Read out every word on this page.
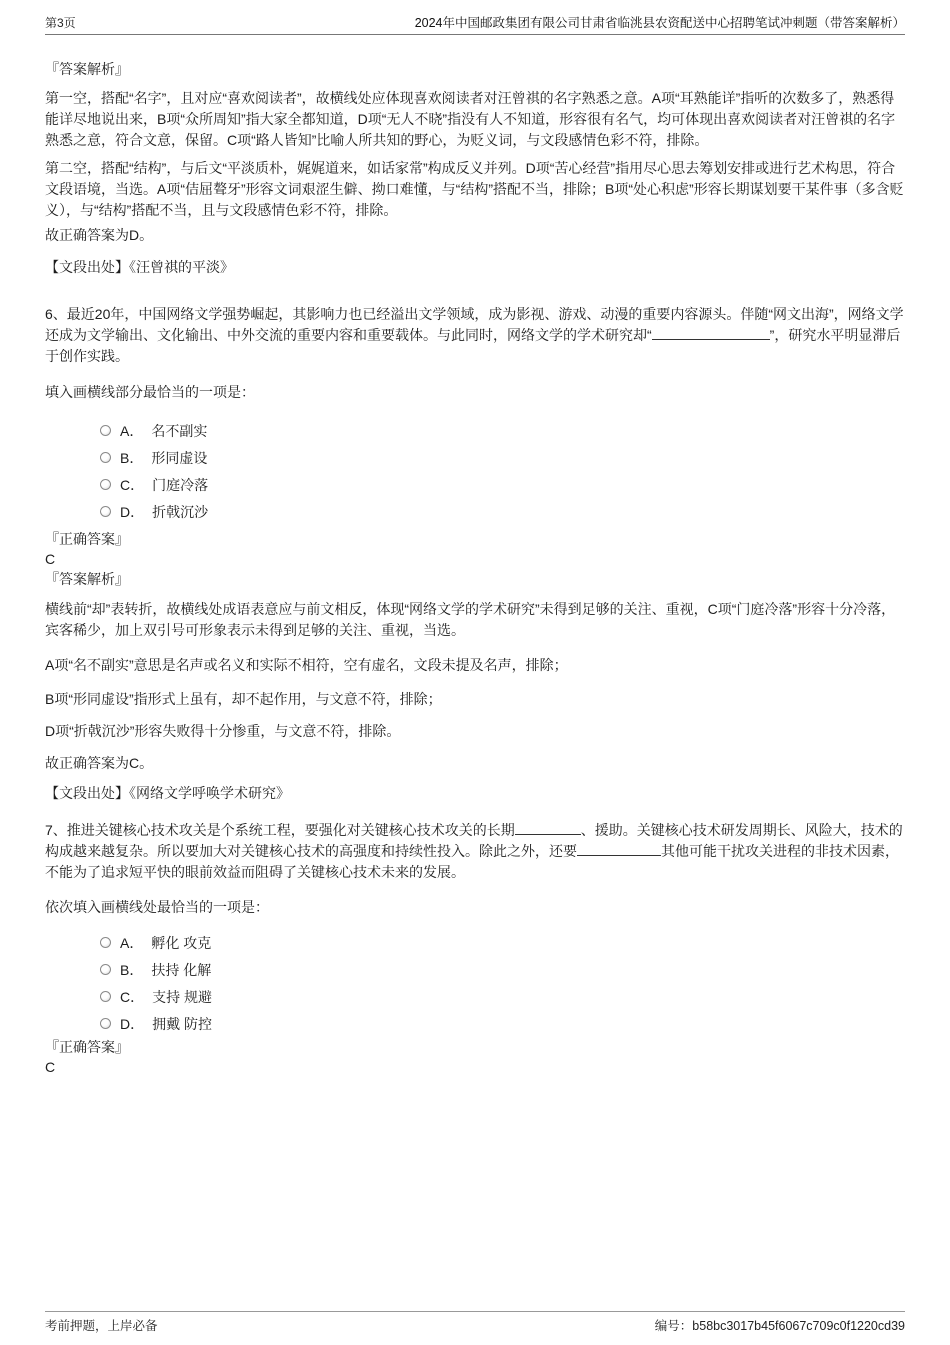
第3页	2024年中国邮政集团有限公司甘肃省临洮县农资配送中心招聘笔试冲刺题（带答案解析）

『答案解析』

第一空，搭配“名字”，且对应“喜欢阅读者”，故横线处应体现喜欢阅读者对汪曾祺的名字熟悉之意。A项“耳熟能详”指听的次数多了，熟悉得能详尽地说出来，B项“众所周知”指大家全都知道，D项“无人不晓”指没有人不知道，形容很有名气，均可体现出喜欢阅读者对汪曾祺的名字熟悉之意，符合文意，保留。C项“路人皆知”比喻人所共知的野心，为贬义词，与文段感情色彩不符，排除。

第二空，搭配“结构”，与后文“平淡质朴，娓娓道来，如话家常”构成反义并列。D项“苦心经营”指用尽心思去筹划安排或进行艺术构思，符合文段语境，当选。A项“佶屈聱牙”形容文词艰涩生僻、拗口难懂，与“结构”搭配不当，排除；B项“处心积虑”形容长期谋划要干某件事（多含贬义），与“结构”搭配不当，且与文段感情色彩不符，排除。

故正确答案为D。

【文段出处】《汪曾祺的平淡》

6、最近20年，中国网络文学强势崛起，其影响力也已经溢出文学领域，成为影视、游戏、动漫的重要内容源头。伴随“网文出海”，网络文学还成为文学输出、文化输出、中外交流的重要内容和重要载体。与此同时，网络文学的学术研究却“	”，研究水平明显滞后于创作实践。

填入画横线部分最恰当的一项是：

A． 名不副实
B． 形同虚设
C． 门庭冷落
D． 折戟沉沙

『正确答案』

C

『答案解析』

横线前“却”表转折，故横线处成语表意应与前文相反，体现“网络文学的学术研究”未得到足够的关注、重视，C项“门庭冷落”形容十分冷落，宾客稀少，加上双引号可形象表示未得到足够的关注、重视，当选。

A项“名不副实”意思是名声或名义和实际不相符，空有虚名，文段未提及名声，排除；

B项“形同虚设”指形式上虽有，却不起作用，与文意不符，排除；

D项“折戟沉沙”形容失败得十分惨重，与文意不符，排除。

故正确答案为C。

【文段出处】《网络文学呼唤学术研究》

7、推进关键核心技术攻关是个系统工程，要强化对关键核心技术攻关的长期	、援助。关键核心技术研发周期长、风险大，技术的构成越来越复杂。所以要加大对关键核心技术的高强度和持续性投入。除此之外，还要	其他可能干扰攻关进程的非技术因素，不能为了追求短平快的眼前效益而阻碍了关键核心技术未来的发展。

依次填入画横线处最恰当的一项是：

A． 孵化 攻克
B． 扶持 化解
C． 支持 规避
D． 拥戴 防控

『正确答案』

C

考前押题，上岸必备	编号：b58bc3017b45f6067c709c0f1220cd39
